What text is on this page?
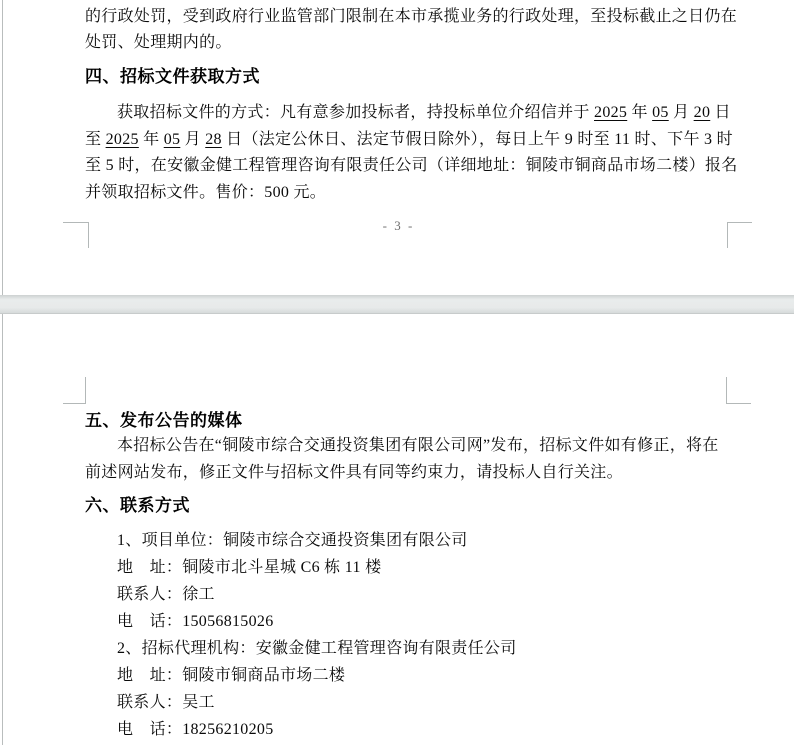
的行政处罚，受到政府行业监管部门限制在本市承揽业务的行政处理，至投标截止之日仍在
处罚、处理期内的。
四、招标文件获取方式
获取招标文件的方式：凡有意参加投标者，持投标单位介绍信并于 2025 年 05 月 20 日
至 2025 年 05 月 28 日（法定公休日、法定节假日除外），每日上午 9 时至 11 时、下午 3 时
至 5 时，在安徽金健工程管理咨询有限责任公司（详细地址：铜陵市铜商品市场二楼）报名
并领取招标文件。售价：500 元。
- 3 -
五、发布公告的媒体
本招标公告在“铜陵市综合交通投资集团有限公司网”发布，招标文件如有修正，将在
前述网站发布，修正文件与招标文件具有同等约束力，请投标人自行关注。
六、联系方式
1、项目单位：铜陵市综合交通投资集团有限公司
地　址：铜陵市北斗星城 C6 栋 11 楼
联系人：徐工
电　话：15056815026
2、招标代理机构：安徽金健工程管理咨询有限责任公司
地　址：铜陵市铜商品市场二楼
联系人：吴工
电　话：18256210205
